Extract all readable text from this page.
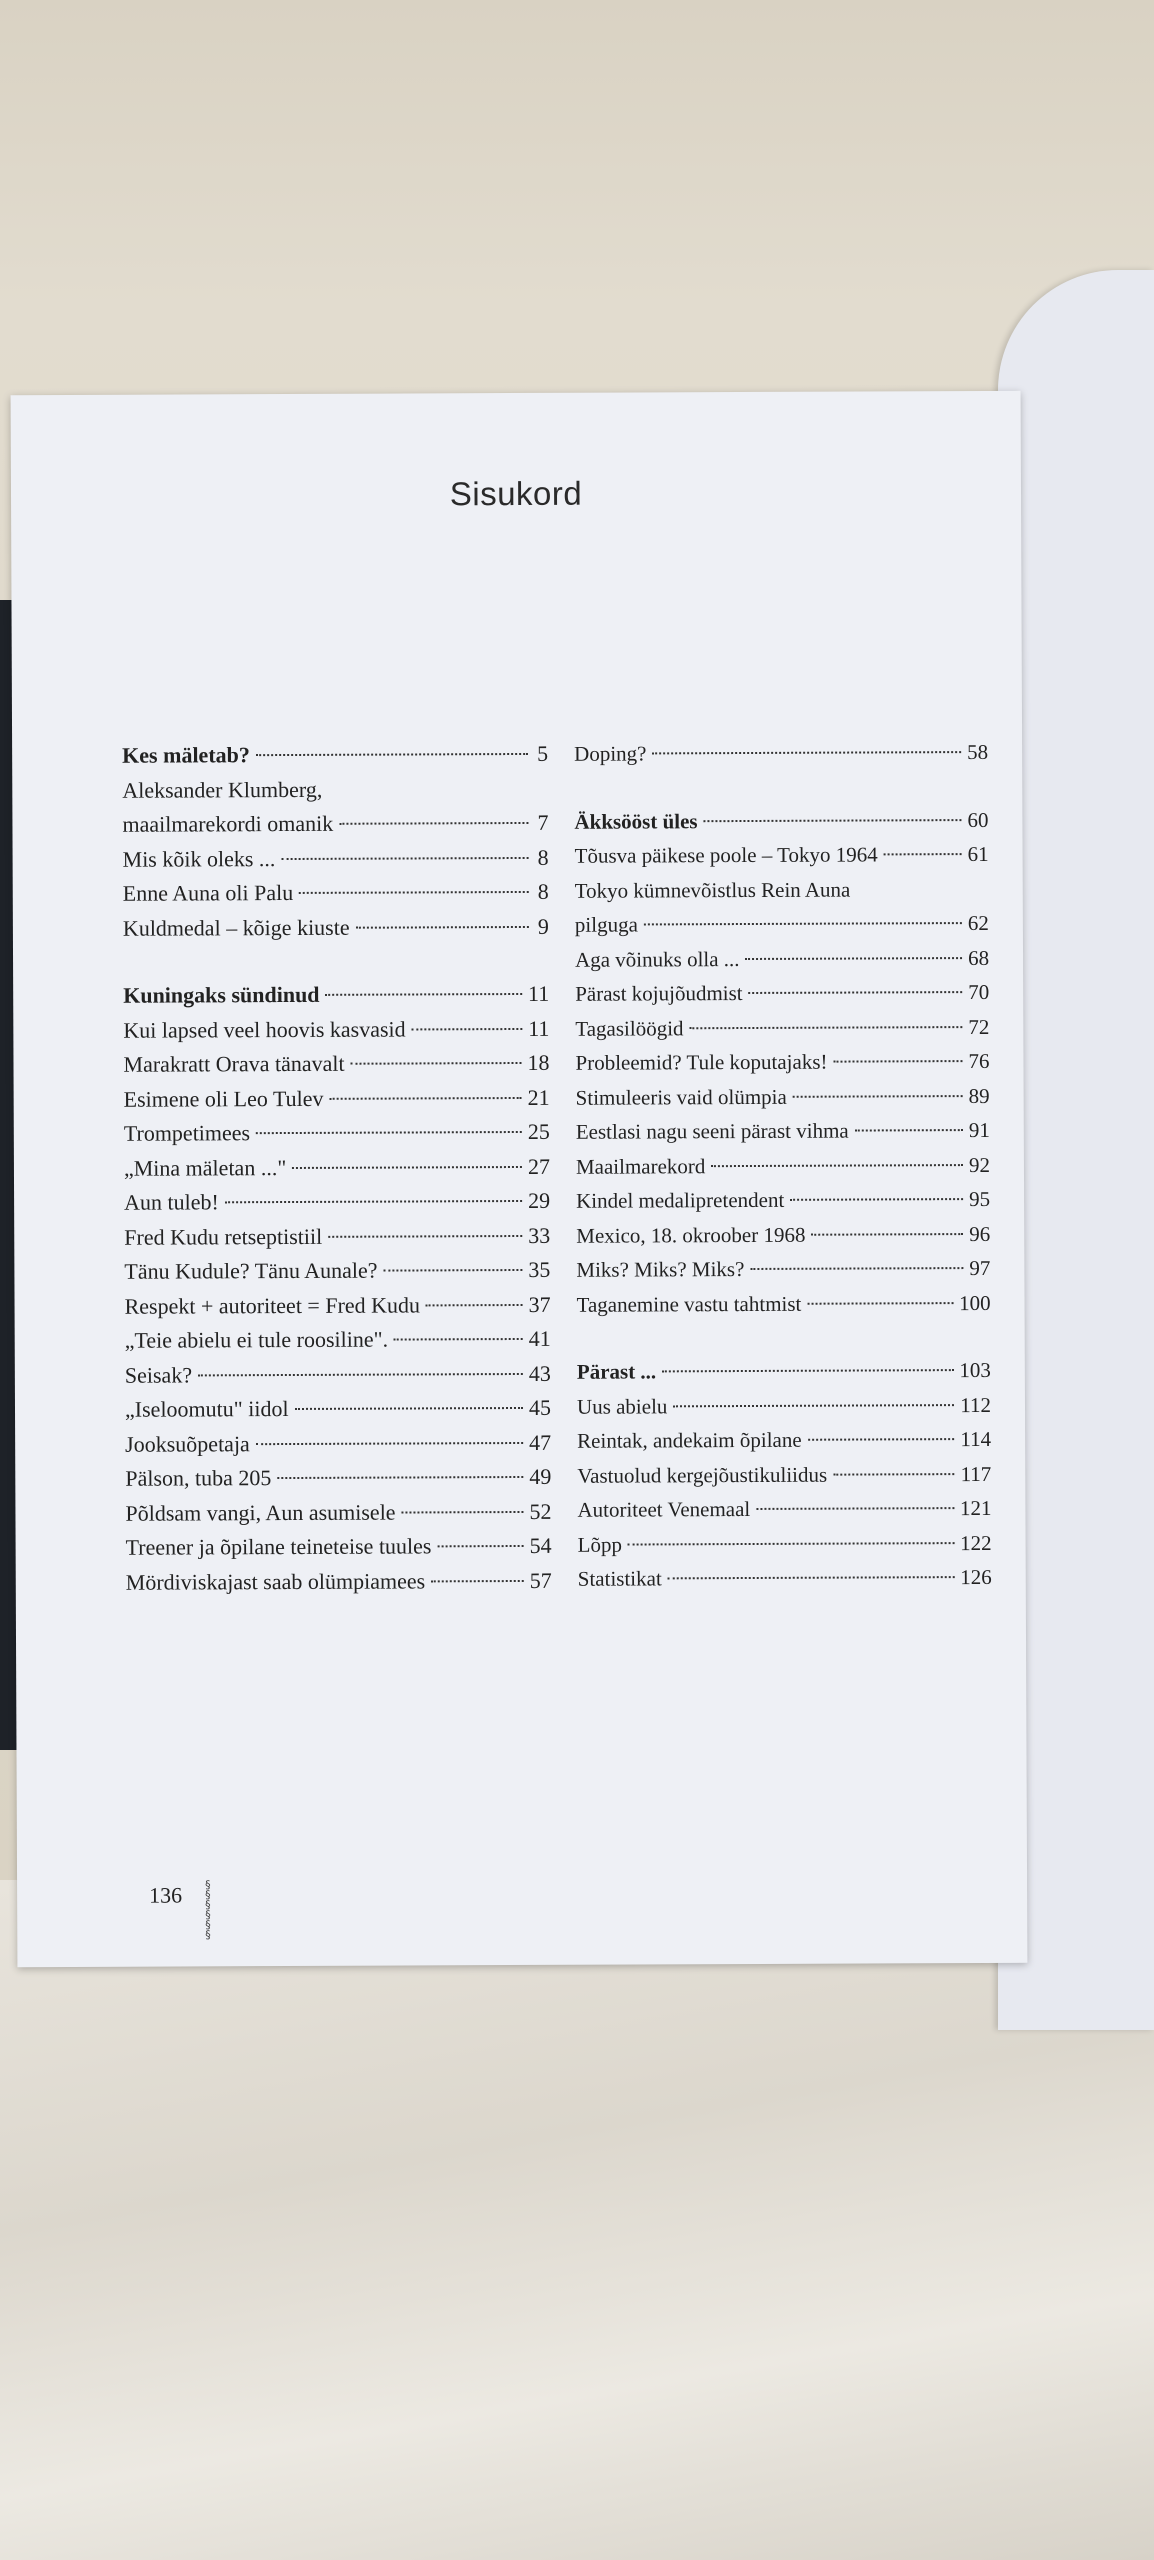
Sisukord
Kes mäletab?	5
Aleksander Klumberg,
maailmarekordi omanik	7
Mis kõik oleks ...	8
Enne Auna oli Palu	8
Kuldmedal – kõige kiuste	9
Kuningaks sündinud	11
Kui lapsed veel hoovis kasvasid	11
Marakratt Orava tänavalt	18
Esimene oli Leo Tulev	21
Trompetimees	25
„Mina mäletan ..."	27
Aun tuleb!	29
Fred Kudu retseptistiil	33
Tänu Kudule? Tänu Aunale?	35
Respekt + autoriteet = Fred Kudu	37
„Teie abielu ei tule roosiline".	41
Seisak?	43
„Iseloomutu" iidol	45
Jooksuõpetaja	47
Pälson, tuba 205	49
Põldsam vangi, Aun asumisele	52
Treener ja õpilane teineteise tuules	54
Mördiviskajast saab olümpiamees	57
Doping?	58
Äkksööst üles	60
Tõusva päikese poole – Tokyo 1964	61
Tokyo kümnevõistlus Rein Auna
pilguga	62
Aga võinuks olla ...	68
Pärast kojujõudmist	70
Tagasilöögid	72
Probleemid? Tule koputajaks!	76
Stimuleeris vaid olümpia	89
Eestlasi nagu seeni pärast vihma	91
Maailmarekord	92
Kindel medalipretendent	95
Mexico, 18. okroober 1968	96
Miks? Miks? Miks?	97
Taganemine vastu tahtmist	100
Pärast ...	103
Uus abielu	112
Reintak, andekaim õpilane	114
Vastuolud kergejõustikuliidus	117
Autoriteet Venemaal	121
Lõpp	122
Statistikat	126
136 §§§§§§
